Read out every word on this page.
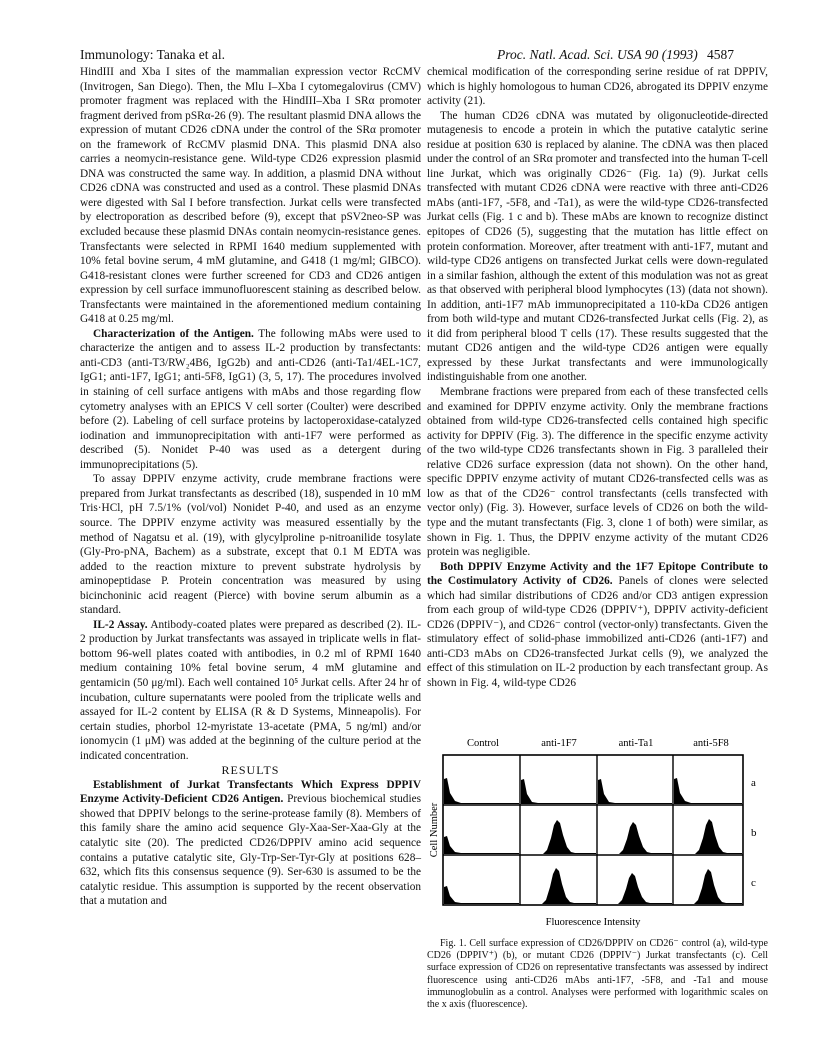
Immunology: Tanaka et al.	Proc. Natl. Acad. Sci. USA 90 (1993) 4587

HindIII and Xba I sites of the mammalian expression vector RcCMV (Invitrogen, San Diego). Then, the Mlu I–Xba I cytomegalovirus (CMV) promoter fragment was replaced with the HindIII–Xba I SRα promoter fragment derived from pSRα-26 (9). The resultant plasmid DNA allows the expression of mutant CD26 cDNA under the control of the SRα promoter on the framework of RcCMV plasmid DNA. This plasmid DNA also carries a neomycin-resistance gene. Wild-type CD26 expression plasmid DNA was constructed the same way. In addition, a plasmid DNA without CD26 cDNA was constructed and used as a control. These plasmid DNAs were digested with Sal I before transfection. Jurkat cells were transfected by electroporation as described before (9), except that pSV2neo-SP was excluded because these plasmid DNAs contain neomycin-resistance genes. Transfectants were selected in RPMI 1640 medium supplemented with 10% fetal bovine serum, 4 mM glutamine, and G418 (1 mg/ml; GIBCO). G418-resistant clones were further screened for CD3 and CD26 antigen expression by cell surface immunofluorescent staining as described below. Transfectants were maintained in the aforementioned medium containing G418 at 0.25 mg/ml.

Characterization of the Antigen. The following mAbs were used to characterize the antigen and to assess IL-2 production by transfectants: anti-CD3 (anti-T3/RW₂4B6, IgG2b) and anti-CD26 (anti-Ta1/4EL-1C7, IgG1; anti-1F7, IgG1; anti-5F8, IgG1) (3, 5, 17). The procedures involved in staining of cell surface antigens with mAbs and those regarding flow cytometry analyses with an EPICS V cell sorter (Coulter) were described before (2). Labeling of cell surface proteins by lactoperoxidase-catalyzed iodination and immunoprecipitation with anti-1F7 were performed as described (5). Nonidet P-40 was used as a detergent during immunoprecipitations (5).

To assay DPPIV enzyme activity, crude membrane fractions were prepared from Jurkat transfectants as described (18), suspended in 10 mM Tris·HCl, pH 7.5/1% (vol/vol) Nonidet P-40, and used as an enzyme source. The DPPIV enzyme activity was measured essentially by the method of Nagatsu et al. (19), with glycylproline p-nitroanilide tosylate (Gly-Pro-pNA, Bachem) as a substrate, except that 0.1 M EDTA was added to the reaction mixture to prevent substrate hydrolysis by aminopeptidase P. Protein concentration was measured by using bicinchoninic acid reagent (Pierce) with bovine serum albumin as a standard.

IL-2 Assay. Antibody-coated plates were prepared as described (2). IL-2 production by Jurkat transfectants was assayed in triplicate wells in flat-bottom 96-well plates coated with antibodies, in 0.2 ml of RPMI 1640 medium containing 10% fetal bovine serum, 4 mM glutamine and gentamicin (50 μg/ml). Each well contained 10⁵ Jurkat cells. After 24 hr of incubation, culture supernatants were pooled from the triplicate wells and assayed for IL-2 content by ELISA (R & D Systems, Minneapolis). For certain studies, phorbol 12-myristate 13-acetate (PMA, 5 ng/ml) and/or ionomycin (1 μM) was added at the beginning of the culture period at the indicated concentration.

RESULTS

Establishment of Jurkat Transfectants Which Express DPPIV Enzyme Activity-Deficient CD26 Antigen. Previous biochemical studies showed that DPPIV belongs to the serine-protease family (8). Members of this family share the amino acid sequence Gly-Xaa-Ser-Xaa-Gly at the catalytic site (20). The predicted CD26/DPPIV amino acid sequence contains a putative catalytic site, Gly-Trp-Ser-Tyr-Gly at positions 628–632, which fits this consensus sequence (9). Ser-630 is assumed to be the catalytic residue. This assumption is supported by the recent observation that a mutation and

chemical modification of the corresponding serine residue of rat DPPIV, which is highly homologous to human CD26, abrogated its DPPIV enzyme activity (21).

The human CD26 cDNA was mutated by oligonucleotide-directed mutagenesis to encode a protein in which the putative catalytic serine residue at position 630 is replaced by alanine. The cDNA was then placed under the control of an SRα promoter and transfected into the human T-cell line Jurkat, which was originally CD26⁻ (Fig. 1a) (9). Jurkat cells transfected with mutant CD26 cDNA were reactive with three anti-CD26 mAbs (anti-1F7, -5F8, and -Ta1), as were the wild-type CD26-transfected Jurkat cells (Fig. 1 c and b). These mAbs are known to recognize distinct epitopes of CD26 (5), suggesting that the mutation has little effect on protein conformation. Moreover, after treatment with anti-1F7, mutant and wild-type CD26 antigens on transfected Jurkat cells were down-regulated in a similar fashion, although the extent of this modulation was not as great as that observed with peripheral blood lymphocytes (13) (data not shown). In addition, anti-1F7 mAb immunoprecipitated a 110-kDa CD26 antigen from both wild-type and mutant CD26-transfected Jurkat cells (Fig. 2), as it did from peripheral blood T cells (17). These results suggested that the mutant CD26 antigen and the wild-type CD26 antigen were equally expressed by these Jurkat transfectants and were immunologically indistinguishable from one another.

Membrane fractions were prepared from each of these transfected cells and examined for DPPIV enzyme activity. Only the membrane fractions obtained from wild-type CD26-transfected cells contained high specific activity for DPPIV (Fig. 3). The difference in the specific enzyme activity of the two wild-type CD26 transfectants shown in Fig. 3 paralleled their relative CD26 surface expression (data not shown). On the other hand, specific DPPIV enzyme activity of mutant CD26-transfected cells was as low as that of the CD26⁻ control transfectants (cells transfected with vector only) (Fig. 3). However, surface levels of CD26 on both the wild-type and the mutant transfectants (Fig. 3, clone 1 of both) were similar, as shown in Fig. 1. Thus, the DPPIV enzyme activity of the mutant CD26 protein was negligible.

Both DPPIV Enzyme Activity and the 1F7 Epitope Contribute to the Costimulatory Activity of CD26. Panels of clones were selected which had similar distributions of CD26 and/or CD3 antigen expression from each group of wild-type CD26 (DPPIV⁺), DPPIV activity-deficient CD26 (DPPIV⁻), and CD26⁻ control (vector-only) transfectants. Given the stimulatory effect of solid-phase immobilized anti-CD26 (anti-1F7) and anti-CD3 mAbs on CD26-transfected Jurkat cells (9), we analyzed the effect of this stimulation on IL-2 production by each transfectant group. As shown in Fig. 4, wild-type CD26

Control	anti-1F7	anti-Ta1	anti-5F8
a
b
c
Cell Number
Fluorescence Intensity

Fig. 1. Cell surface expression of CD26/DPPIV on CD26⁻ control (a), wild-type CD26 (DPPIV⁺) (b), or mutant CD26 (DPPIV⁻) Jurkat transfectants (c). Cell surface expression of CD26 on representative transfectants was assessed by indirect fluorescence using anti-CD26 mAbs anti-1F7, -5F8, and -Ta1 and mouse immunoglobulin as a control. Analyses were performed with logarithmic scales on the x axis (fluorescence).
